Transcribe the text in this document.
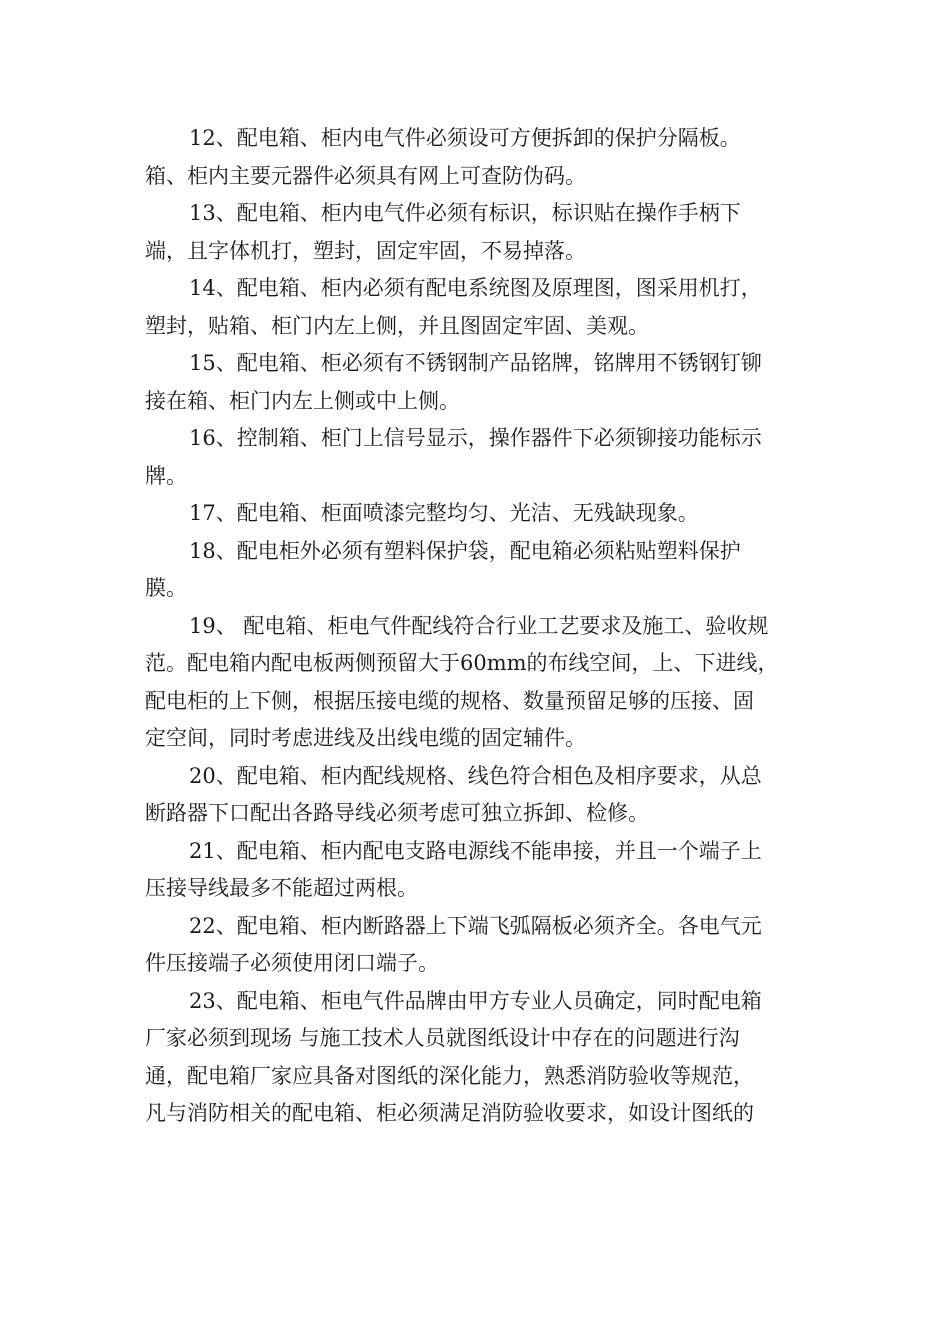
12、配电箱、柜内电气件必须设可方便拆卸的保护分隔板。
箱、柜内主要元器件必须具有网上可查防伪码。
13、配电箱、柜内电气件必须有标识，标识贴在操作手柄下
端，且字体机打，塑封，固定牢固，不易掉落。
14、配电箱、柜内必须有配电系统图及原理图，图采用机打，
塑封，贴箱、柜门内左上侧，并且图固定牢固、美观。
15、配电箱、柜必须有不锈钢制产品铭牌，铭牌用不锈钢钉铆
接在箱、柜门内左上侧或中上侧。
16、控制箱、柜门上信号显示，操作器件下必须铆接功能标示
牌。
17、配电箱、柜面喷漆完整均匀、光洁、无残缺现象。
18、配电柜外必须有塑料保护袋，配电箱必须粘贴塑料保护
膜。
19、 配电箱、柜电气件配线符合行业工艺要求及施工、验收规
范。配电箱内配电板两侧预留大于60mm的布线空间，上、下进线，
配电柜的上下侧，根据压接电缆的规格、数量预留足够的压接、固
定空间，同时考虑进线及出线电缆的固定辅件。
20、配电箱、柜内配线规格、线色符合相色及相序要求，从总
断路器下口配出各路导线必须考虑可独立拆卸、检修。
21、配电箱、柜内配电支路电源线不能串接，并且一个端子上
压接导线最多不能超过两根。
22、配电箱、柜内断路器上下端飞弧隔板必须齐全。各电气元
件压接端子必须使用闭口端子。
23、配电箱、柜电气件品牌由甲方专业人员确定，同时配电箱
厂家必须到现场 与施工技术人员就图纸设计中存在的问题进行沟
通，配电箱厂家应具备对图纸的深化能力，熟悉消防验收等规范，
凡与消防相关的配电箱、柜必须满足消防验收要求，如设计图纸的
